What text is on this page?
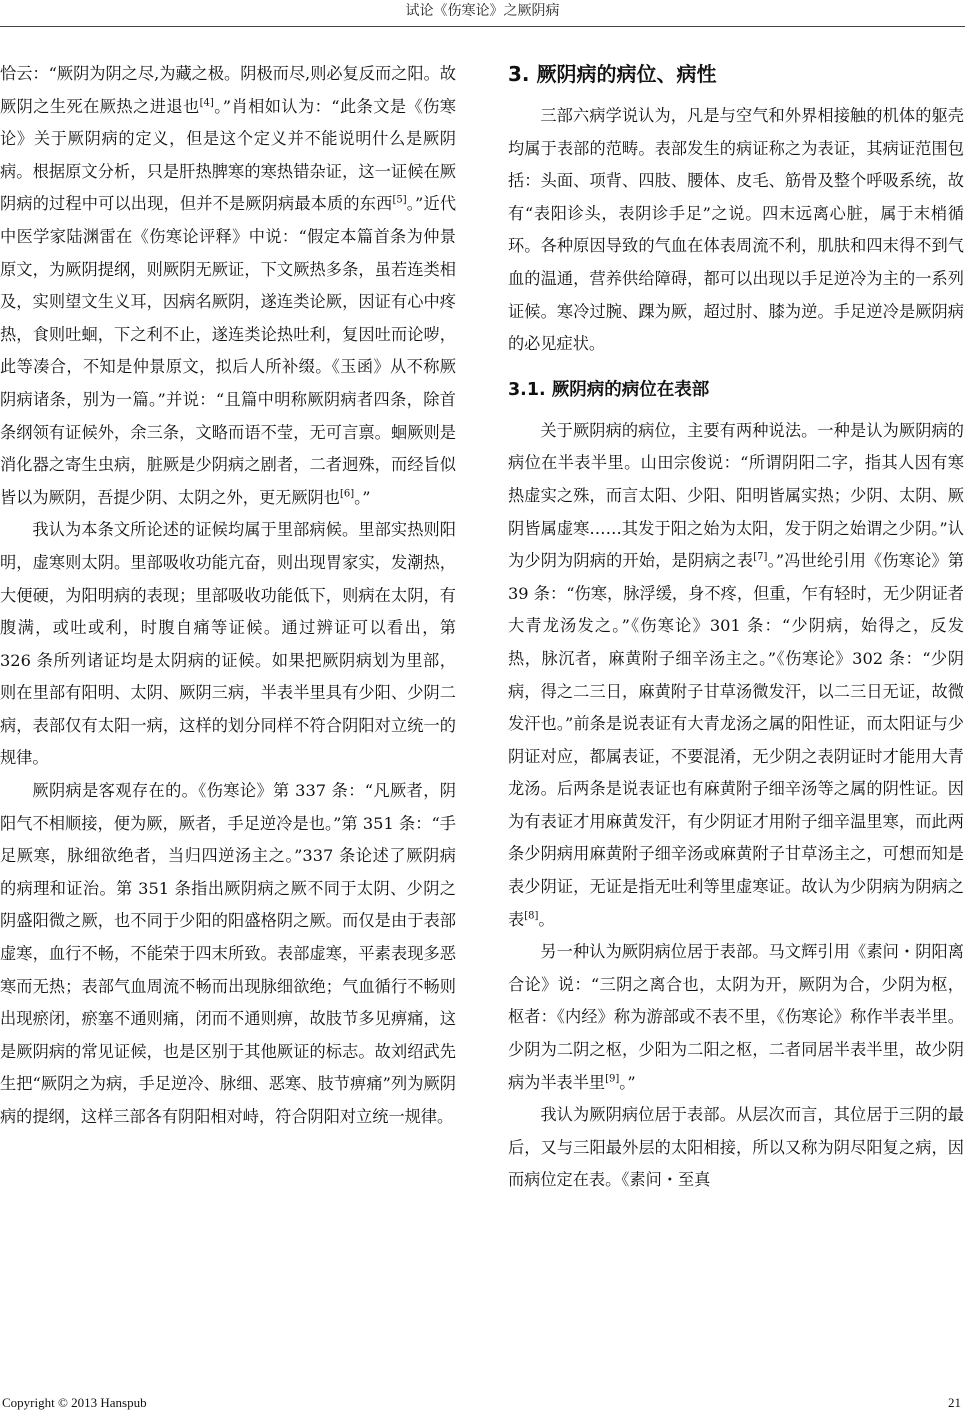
试论《伤寒论》之厥阴病

恰云：“厥阴为阴之尽,为藏之极。阴极而尽,则必复反而之阳。故厥阴之生死在厥热之进退也[4]。”肖相如认为：“此条文是《伤寒论》关于厥阴病的定义，但是这个定义并不能说明什么是厥阴病。根据原文分析，只是肝热脾寒的寒热错杂证，这一证候在厥阴病的过程中可以出现，但并不是厥阴病最本质的东西[5]。”近代中医学家陆渊雷在《伤寒论评释》中说：“假定本篇首条为仲景原文，为厥阴提纲，则厥阴无厥证，下文厥热多条，虽若连类相及，实则望文生义耳，因病名厥阴，遂连类论厥，因证有心中疼热，食则吐蛔，下之利不止，遂连类论热吐利，复因吐而论哕，此等凑合，不知是仲景原文，拟后人所补缀。《玉函》从不称厥阴病诸条，别为一篇。”并说：“且篇中明称厥阴病者四条，除首条纲领有证候外，余三条，文略而语不莹，无可言禀。蛔厥则是消化器之寄生虫病，脏厥是少阴病之剧者，二者迥殊，而经旨似皆以为厥阴，吾提少阴、太阴之外，更无厥阴也[6]。”

我认为本条文所论述的证候均属于里部病候。里部实热则阳明，虚寒则太阴。里部吸收功能亢奋，则出现胃家实，发潮热，大便硬，为阳明病的表现；里部吸收功能低下，则病在太阴，有腹满，或吐或利，时腹自痛等证候。通过辨证可以看出，第 326 条所列诸证均是太阴病的证候。如果把厥阴病划为里部，则在里部有阳明、太阴、厥阴三病，半表半里具有少阳、少阴二病，表部仅有太阳一病，这样的划分同样不符合阴阳对立统一的规律。

厥阴病是客观存在的。《伤寒论》第 337 条：“凡厥者，阴阳气不相顺接，便为厥，厥者，手足逆冷是也。”第 351 条：“手足厥寒，脉细欲绝者，当归四逆汤主之。”337 条论述了厥阴病的病理和证治。第 351 条指出厥阴病之厥不同于太阴、少阴之阴盛阳微之厥，也不同于少阳的阳盛格阴之厥。而仅是由于表部虚寒，血行不畅，不能荣于四末所致。表部虚寒，平素表现多恶寒而无热；表部气血周流不畅而出现脉细欲绝；气血循行不畅则出现瘀闭，瘀塞不通则痛，闭而不通则痹，故肢节多见痹痛，这是厥阴病的常见证候，也是区别于其他厥证的标志。故刘绍武先生把“厥阴之为病，手足逆冷、脉细、恶寒、肢节痹痛”列为厥阴病的提纲，这样三部各有阴阳相对峙，符合阴阳对立统一规律。

3. 厥阴病的病位、病性

三部六病学说认为，凡是与空气和外界相接触的机体的躯壳均属于表部的范畴。表部发生的病证称之为表证，其病证范围包括：头面、项背、四肢、腰体、皮毛、筋骨及整个呼吸系统，故有“表阳诊头，表阴诊手足”之说。四末远离心脏，属于末梢循环。各种原因导致的气血在体表周流不利，肌肤和四末得不到气血的温通，营养供给障碍，都可以出现以手足逆冷为主的一系列证候。寒冷过腕、踝为厥，超过肘、膝为逆。手足逆冷是厥阴病的必见症状。

3.1. 厥阴病的病位在表部

关于厥阴病的病位，主要有两种说法。一种是认为厥阴病的病位在半表半里。山田宗俊说：“所谓阴阳二字，指其人因有寒热虚实之殊，而言太阳、少阳、阳明皆属实热；少阴、太阴、厥阴皆属虚寒……其发于阳之始为太阳，发于阴之始谓之少阴。”认为少阴为阴病的开始，是阴病之表[7]。”冯世纶引用《伤寒论》第 39 条：“伤寒，脉浮缓，身不疼，但重，乍有轻时，无少阴证者大青龙汤发之。”《伤寒论》301 条：“少阴病，始得之，反发热，脉沉者，麻黄附子细辛汤主之。”《伤寒论》302 条：“少阴病，得之二三日，麻黄附子甘草汤微发汗，以二三日无证，故微发汗也。”前条是说表证有大青龙汤之属的阳性证，而太阳证与少阴证对应，都属表证，不要混淆，无少阴之表阴证时才能用大青龙汤。后两条是说表证也有麻黄附子细辛汤等之属的阴性证。因为有表证才用麻黄发汗，有少阴证才用附子细辛温里寒，而此两条少阴病用麻黄附子细辛汤或麻黄附子甘草汤主之，可想而知是表少阴证，无证是指无吐利等里虚寒证。故认为少阴病为阴病之表[8]。

另一种认为厥阴病位居于表部。马文辉引用《素问・阴阳离合论》说：“三阴之离合也，太阴为开，厥阴为合，少阴为枢，枢者：《内经》称为游部或不表不里，《伤寒论》称作半表半里。少阴为二阴之枢，少阳为二阳之枢，二者同居半表半里，故少阴病为半表半里[9]。”

我认为厥阴病位居于表部。从层次而言，其位居于三阴的最后，又与三阳最外层的太阳相接，所以又称为阴尽阳复之病，因而病位定在表。《素问・至真

Copyright © 2013 Hanspub	21
